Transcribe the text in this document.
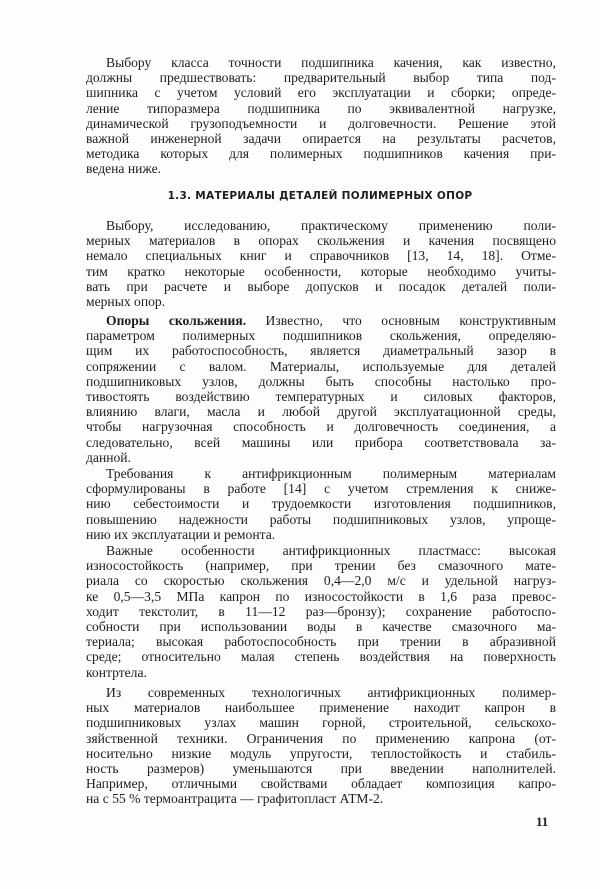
Выбору класса точности подшипника качения, как известно,
должны предшествовать: предварительный выбор типа под-
шипника с учетом условий его эксплуатации и сборки; опреде-
ление типоразмера подшипника по эквивалентной нагрузке,
динамической грузоподъемности и долговечности. Решение этой
важной инженерной задачи опирается на результаты расчетов,
методика которых для полимерных подшипников качения при-
ведена ниже.
Выбору, исследованию, практическому применению поли-
мерных материалов в опорах скольжения и качения посвящено
немало специальных книг и справочников [13, 14, 18]. Отме-
тим кратко некоторые особенности, которые необходимо учиты-
вать при расчете и выборе допусков и посадок деталей поли-
мерных опор.
Опоры скольжения. Известно, что основным конструктивным
параметром полимерных подшипников скольжения, определяю-
щим их работоспособность, является диаметральный зазор в
сопряжении с валом. Материалы, используемые для деталей
подшипниковых узлов, должны быть способны настолько про-
тивостоять воздействию температурных и силовых факторов,
влиянию влаги, масла и любой другой эксплуатационной среды,
чтобы нагрузочная способность и долговечность соединения, а
следовательно, всей машины или прибора соответствовала за-
данной.
Требования к антифрикционным полимерным материалам
сформулированы в работе [14] с учетом стремления к сниже-
нию себестоимости и трудоемкости изготовления подшипников,
повышению надежности работы подшипниковых узлов, упроще-
нию их эксплуатации и ремонта.
Важные особенности антифрикционных пластмасс: высокая
износостойкость (например, при трении без смазочного мате-
риала со скоростью скольжения 0,4—2,0 м/с и удельной нагруз-
ке 0,5—3,5 МПа капрон по износостойкости в 1,6 раза превос-
ходит текстолит, в 11—12 раз—бронзу); сохранение работоспо-
собности при использовании воды в качестве смазочного ма-
териала; высокая работоспособность при трении в абразивной
среде; относительно малая степень воздействия на поверхность
контртела.
Из современных технологичных антифрикционных полимер-
ных материалов наибольшее применение находит капрон в
подшипниковых узлах машин горной, строительной, сельскохо-
зяйственной техники. Ограничения по применению капрона (от-
носительно низкие модуль упругости, теплостойкость и стабиль-
ность размеров) уменьшаются при введении наполнителей.
Например, отличными свойствами обладает композиция капро-
на с 55 % термоантрацита — графитопласт АТМ-2.
1.3. МАТЕРИАЛЫ ДЕТАЛЕЙ ПОЛИМЕРНЫХ ОПОР
11
